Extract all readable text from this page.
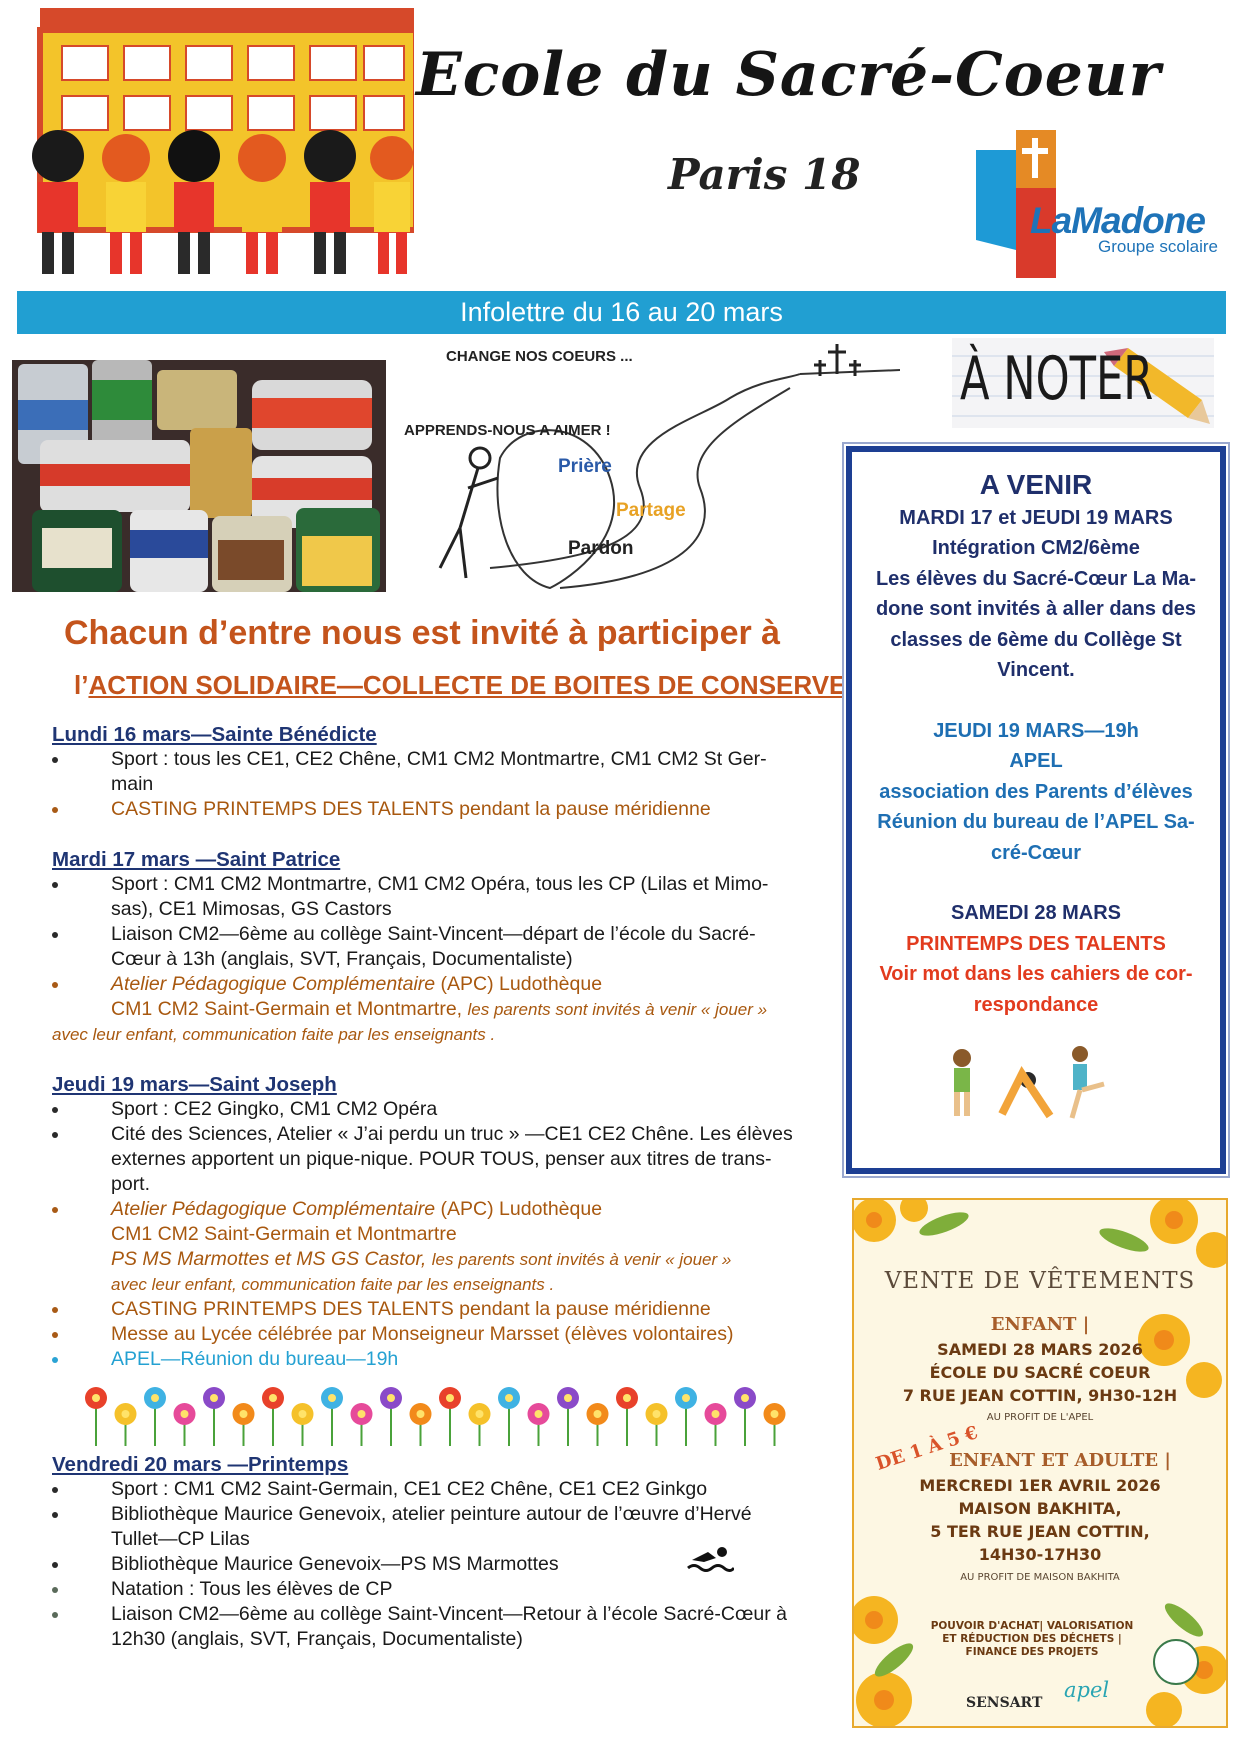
Ecole du Sacré-Coeur
Paris 18
LaMadone
Groupe scolaire
Infolettre du 16 au 20 mars
CHANGE NOS COEURS ...
APPRENDS-NOUS A AIMER !
Prière
Partage
Pardon
À NOTER
Chacun d’entre nous est invité à participer à
l’ACTION SOLIDAIRE—COLLECTE DE BOITES DE CONSERVE
Lundi 16 mars—Sainte Bénédicte
Sport : tous les CE1, CE2 Chêne, CM1 CM2 Montmartre, CM1 CM2 St Ger-
main
CASTING PRINTEMPS DES TALENTS pendant la pause méridienne
Mardi 17 mars —Saint Patrice
Sport : CM1 CM2 Montmartre, CM1 CM2 Opéra, tous les CP (Lilas et Mimo-
sas), CE1 Mimosas, GS Castors
Liaison CM2—6ème au collège Saint-Vincent—départ de l’école du Sacré-
Cœur à 13h (anglais, SVT, Français, Documentaliste)
Atelier Pédagogique Complémentaire (APC) Ludothèque
CM1 CM2 Saint-Germain et Montmartre, les parents sont invités à venir « jouer »
avec leur enfant, communication faite par les enseignants .
Jeudi 19 mars—Saint Joseph
Sport : CE2 Gingko, CM1 CM2 Opéra
Cité des Sciences, Atelier « J’ai perdu un truc » —CE1 CE2 Chêne. Les élèves
externes apportent un pique-nique. POUR TOUS, penser aux titres de trans-
port.
Atelier Pédagogique Complémentaire (APC) Ludothèque
CM1 CM2 Saint-Germain et Montmartre
PS MS Marmottes et MS GS Castor, les parents sont invités à venir « jouer »
avec leur enfant, communication faite par les enseignants .
CASTING PRINTEMPS DES TALENTS pendant la pause méridienne
Messe au Lycée célébrée par Monseigneur Marsset (élèves volontaires)
APEL—Réunion du bureau—19h
Vendredi 20 mars —Printemps
Sport : CM1 CM2 Saint-Germain, CE1 CE2 Chêne, CE1 CE2 Ginkgo
Bibliothèque Maurice Genevoix, atelier peinture autour de l’œuvre d’Hervé
Tullet—CP Lilas
Bibliothèque Maurice Genevoix—PS MS Marmottes
Natation : Tous les élèves de CP
Liaison CM2—6ème au collège Saint-Vincent—Retour à l’école Sacré-Cœur à
12h30 (anglais, SVT, Français, Documentaliste)
A VENIR
MARDI 17 et JEUDI 19 MARS
Intégration CM2/6ème
Les élèves du Sacré-Cœur La Ma-
done sont invités à aller dans des
classes de 6ème du Collège St
Vincent.
JEUDI 19 MARS—19h
APEL
association des Parents d’élèves
Réunion du bureau de l’APEL Sa-
cré-Cœur
SAMEDI 28 MARS
PRINTEMPS DES TALENTS
Voir mot dans les cahiers de cor-
respondance
VENTE DE VÊTEMENTS
ENFANT |
SAMEDI 28 MARS 2026
ÉCOLE DU SACRÉ COEUR
7 RUE JEAN COTTIN, 9H30-12H
AU PROFIT DE L'APEL
DE 1 À 5 €
ENFANT ET ADULTE |
MERCREDI 1ER AVRIL 2026
MAISON BAKHITA,
5 TER RUE JEAN COTTIN,
14H30-17H30
AU PROFIT DE MAISON BAKHITA
POUVOIR D'ACHAT| VALORISATION
ET RÉDUCTION DES DÉCHETS |
FINANCE DES PROJETS
SENSART
apel
